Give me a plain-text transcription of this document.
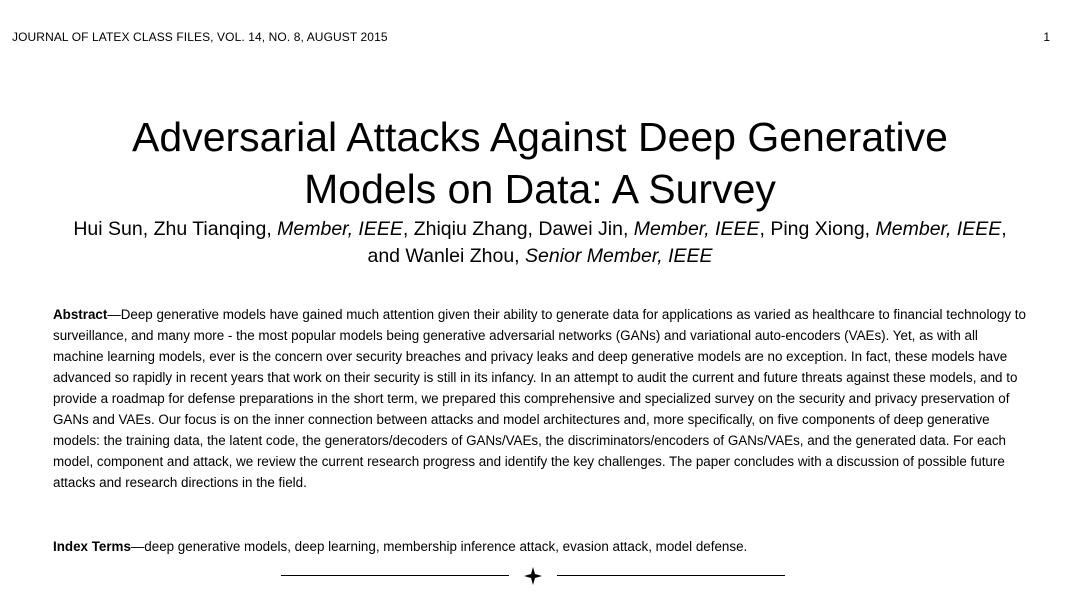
JOURNAL OF LATEX CLASS FILES, VOL. 14, NO. 8, AUGUST 2015	1
Adversarial Attacks Against Deep Generative
Models on Data: A Survey
Hui Sun, Zhu Tianqing, Member, IEEE, Zhiqiu Zhang, Dawei Jin, Member, IEEE, Ping Xiong, Member, IEEE,
and Wanlei Zhou, Senior Member, IEEE
Abstract—Deep generative models have gained much attention given their ability to generate data for applications as varied as healthcare to financial technology to surveillance, and many more - the most popular models being generative adversarial networks (GANs) and variational auto-encoders (VAEs). Yet, as with all machine learning models, ever is the concern over security breaches and privacy leaks and deep generative models are no exception. In fact, these models have advanced so rapidly in recent years that work on their security is still in its infancy. In an attempt to audit the current and future threats against these models, and to provide a roadmap for defense preparations in the short term, we prepared this comprehensive and specialized survey on the security and privacy preservation of GANs and VAEs. Our focus is on the inner connection between attacks and model architectures and, more specifically, on five components of deep generative models: the training data, the latent code, the generators/decoders of GANs/VAEs, the discriminators/encoders of GANs/VAEs, and the generated data. For each model, component and attack, we review the current research progress and identify the key challenges. The paper concludes with a discussion of possible future attacks and research directions in the field.
Index Terms—deep generative models, deep learning, membership inference attack, evasion attack, model defense.
